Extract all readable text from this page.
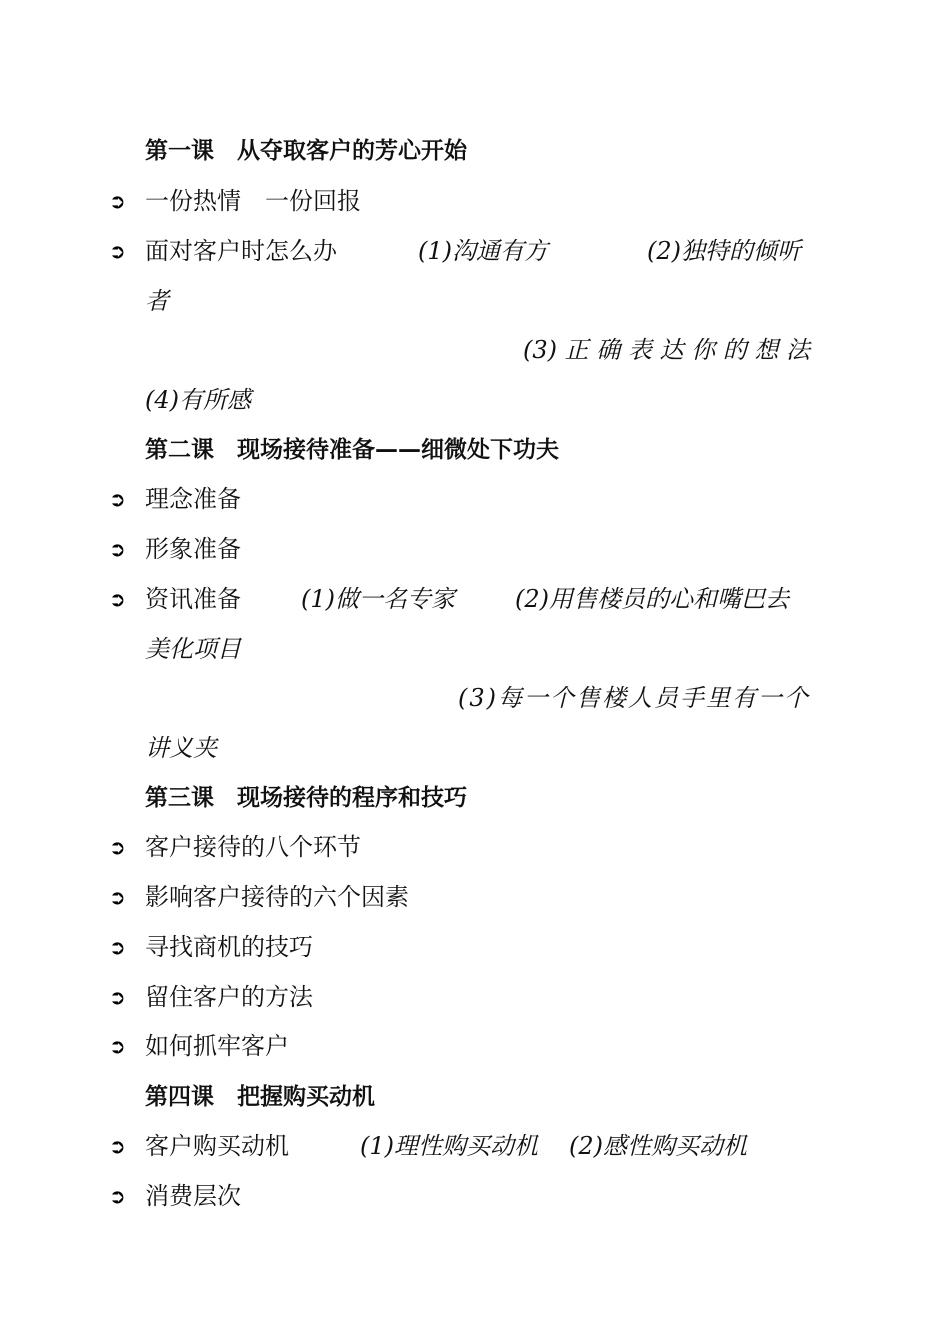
第一课　从夺取客户的芳心开始
➲ 一份热情　一份回报
➲ 面对客户时怎么办	(1)沟通有方	(2)独特的倾听
者
(3) 正 确 表 达 你 的 想 法
(4)有所感
第二课　现场接待准备——细微处下功夫
➲ 理念准备
➲ 形象准备
➲ 资讯准备	(1)做一名专家	(2)用售楼员的心和嘴巴去
美化项目
(3)每一个售楼人员手里有一个
讲义夹
第三课　现场接待的程序和技巧
➲ 客户接待的八个环节
➲ 影响客户接待的六个因素
➲ 寻找商机的技巧
➲ 留住客户的方法
➲ 如何抓牢客户
第四课　把握购买动机
➲ 客户购买动机	(1)理性购买动机 (2)感性购买动机
➲ 消费层次
